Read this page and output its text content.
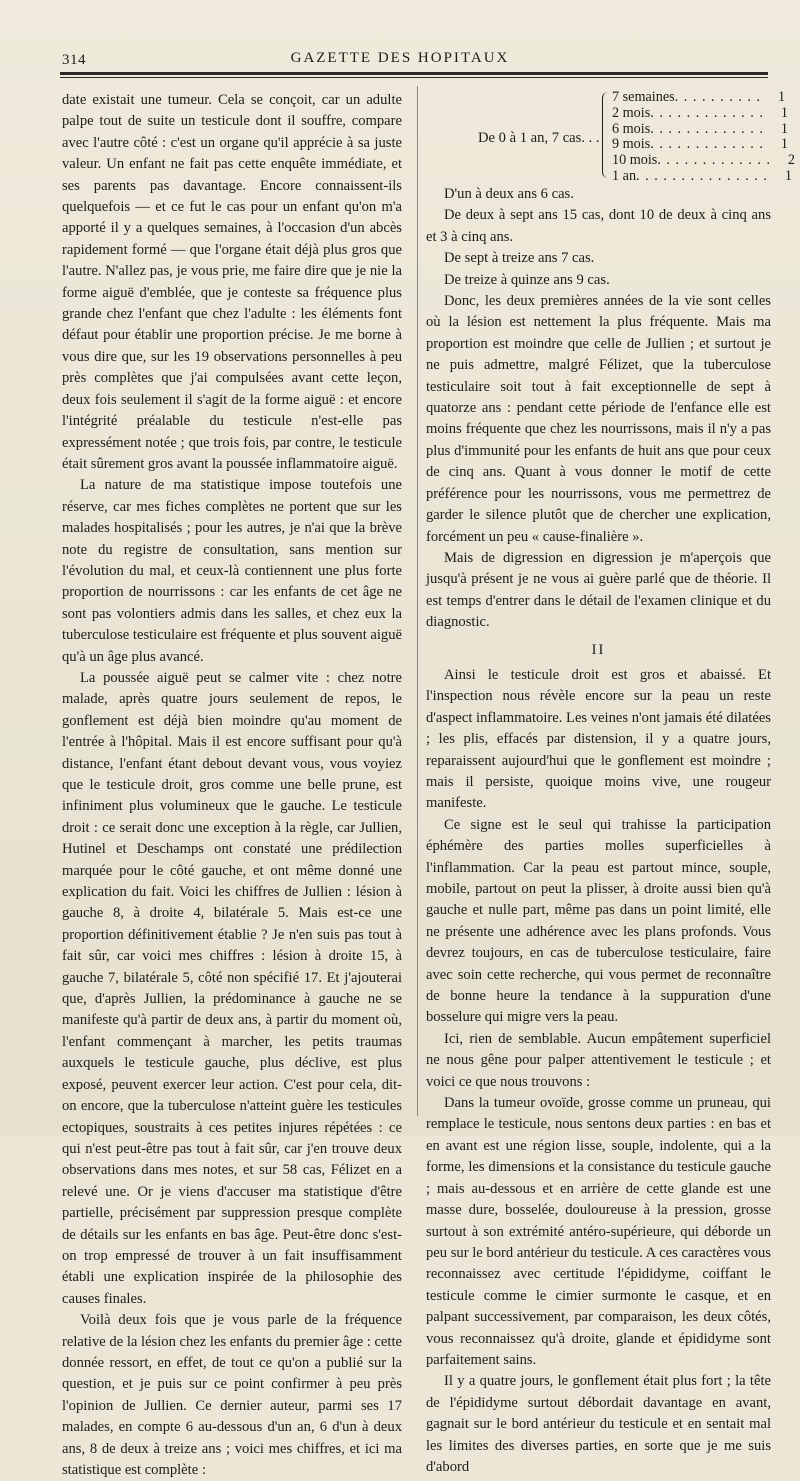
314	GAZETTE DES HOPITAUX

date existait une tumeur. Cela se conçoit, car un adulte palpe tout de suite un testicule dont il souffre, compare avec l'autre côté : c'est un organe qu'il apprécie à sa juste valeur. Un enfant ne fait pas cette enquête immédiate, et ses parents pas davantage. Encore connaissent-ils quelquefois — et ce fut le cas pour un enfant qu'on m'a apporté il y a quelques semaines, à l'occasion d'un abcès rapidement formé — que l'organe était déjà plus gros que l'autre. N'allez pas, je vous prie, me faire dire que je nie la forme aiguë d'emblée, que je conteste sa fréquence plus grande chez l'enfant que chez l'adulte : les éléments font défaut pour établir une proportion précise. Je me borne à vous dire que, sur les 19 observations personnelles à peu près complètes que j'ai compulsées avant cette leçon, deux fois seulement il s'agit de la forme aiguë : et encore l'intégrité préalable du testicule n'est-elle pas expressément notée ; que trois fois, par contre, le testicule était sûrement gros avant la poussée inflammatoire aiguë.

La nature de ma statistique impose toutefois une réserve, car mes fiches complètes ne portent que sur les malades hospitalisés ; pour les autres, je n'ai que la brève note du registre de consultation, sans mention sur l'évolution du mal, et ceux-là contiennent une plus forte proportion de nourrissons : car les enfants de cet âge ne sont pas volontiers admis dans les salles, et chez eux la tuberculose testiculaire est fréquente et plus souvent aiguë qu'à un âge plus avancé.

La poussée aiguë peut se calmer vite : chez notre malade, après quatre jours seulement de repos, le gonflement est déjà bien moindre qu'au moment de l'entrée à l'hôpital. Mais il est encore suffisant pour qu'à distance, l'enfant étant debout devant vous, vous voyiez que le testicule droit, gros comme une belle prune, est infiniment plus volumineux que le gauche. Le testicule droit : ce serait donc une exception à la règle, car Jullien, Hutinel et Deschamps ont constaté une prédilection marquée pour le côté gauche, et ont même donné une explication du fait. Voici les chiffres de Jullien : lésion à gauche 8, à droite 4, bilatérale 5. Mais est-ce une proportion définitivement établie ? Je n'en suis pas tout à fait sûr, car voici mes chiffres : lésion à droite 15, à gauche 7, bilatérale 5, côté non spécifié 17. Et j'ajouterai que, d'après Jullien, la prédominance à gauche ne se manifeste qu'à partir de deux ans, à partir du moment où, l'enfant commençant à marcher, les petits traumas auxquels le testicule gauche, plus déclive, est plus exposé, peuvent exercer leur action. C'est pour cela, dit-on encore, que la tuberculose n'atteint guère les testicules ectopiques, soustraits à ces petites injures répétées : ce qui n'est peut-être pas tout à fait sûr, car j'en trouve deux observations dans mes notes, et sur 58 cas, Félizet en a relevé une. Or je viens d'accuser ma statistique d'être partielle, précisément par suppression presque complète de détails sur les enfants en bas âge. Peut-être donc s'est-on trop empressé de trouver à un fait insuffisamment établi une explication inspirée de la philosophie des causes finales.

Voilà deux fois que je vous parle de la fréquence relative de la lésion chez les enfants du premier âge : cette donnée ressort, en effet, de tout ce qu'on a publié sur la question, et je puis sur ce point confirmer à peu près l'opinion de Jullien. Ce dernier auteur, parmi ses 17 malades, en compte 6 au-dessous d'un an, 6 d'un à deux ans, 8 de deux à treize ans ; voici mes chiffres, et ici ma statistique est complète :

De 0 à 1 an, 7 cas. . .
7 semaines . . . . . . . . . .	1
2 mois . . . . . . . . . . . . .	1
6 mois . . . . . . . . . . . . .	1
9 mois . . . . . . . . . . . . .	1
10 mois . . . . . . . . . . . . .	2
1 an . . . . . . . . . . . . . . .	1

D'un à deux ans 6 cas.

De deux à sept ans 15 cas, dont 10 de deux à cinq ans et 3 à cinq ans.

De sept à treize ans 7 cas.

De treize à quinze ans 9 cas.

Donc, les deux premières années de la vie sont celles où la lésion est nettement la plus fréquente. Mais ma proportion est moindre que celle de Jullien ; et surtout je ne puis admettre, malgré Félizet, que la tuberculose testiculaire soit tout à fait exceptionnelle de sept à quatorze ans : pendant cette période de l'enfance elle est moins fréquente que chez les nourrissons, mais il n'y a pas plus d'immunité pour les enfants de huit ans que pour ceux de cinq ans. Quant à vous donner le motif de cette préférence pour les nourrissons, vous me permettrez de garder le silence plutôt que de chercher une explication, forcément un peu « cause-finalière ».

Mais de digression en digression je m'aperçois que jusqu'à présent je ne vous ai guère parlé que de théorie. Il est temps d'entrer dans le détail de l'examen clinique et du diagnostic.

II

Ainsi le testicule droit est gros et abaissé. Et l'inspection nous révèle encore sur la peau un reste d'aspect inflammatoire. Les veines n'ont jamais été dilatées ; les plis, effacés par distension, il y a quatre jours, reparaissent aujourd'hui que le gonflement est moindre ; mais il persiste, quoique moins vive, une rougeur manifeste.

Ce signe est le seul qui trahisse la participation éphémère des parties molles superficielles à l'inflammation. Car la peau est partout mince, souple, mobile, partout on peut la plisser, à droite aussi bien qu'à gauche et nulle part, même pas dans un point limité, elle ne présente une adhérence avec les plans profonds. Vous devrez toujours, en cas de tuberculose testiculaire, faire avec soin cette recherche, qui vous permet de reconnaître de bonne heure la tendance à la suppuration d'une bosselure qui migre vers la peau.

Ici, rien de semblable. Aucun empâtement superficiel ne nous gêne pour palper attentivement le testicule ; et voici ce que nous trouvons :

Dans la tumeur ovoïde, grosse comme un pruneau, qui remplace le testicule, nous sentons deux parties : en bas et en avant est une région lisse, souple, indolente, qui a la forme, les dimensions et la consistance du testicule gauche ; mais au-dessous et en arrière de cette glande est une masse dure, bosselée, douloureuse à la pression, grosse surtout à son extrémité antéro-supérieure, qui déborde un peu sur le bord antérieur du testicule. A ces caractères vous reconnaissez avec certitude l'épididyme, coiffant le testicule comme le cimier surmonte le casque, et en palpant successivement, par comparaison, les deux côtés, vous reconnaissez qu'à droite, glande et épididyme sont parfaitement sains.

Il y a quatre jours, le gonflement était plus fort ; la tête de l'épididyme surtout débordait davantage en avant, gagnait sur le bord antérieur du testicule et en sentait mal les limites des diverses parties, en sorte que je me suis d'abord
